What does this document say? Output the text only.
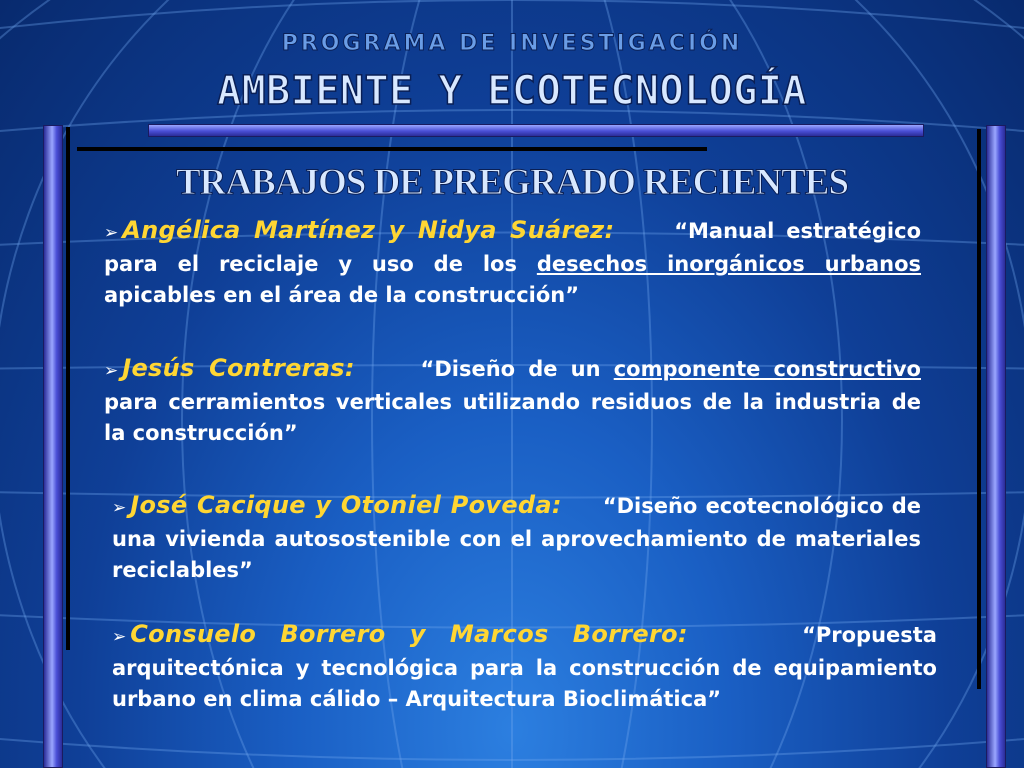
PROGRAMA DE INVESTIGACIÓN
AMBIENTE Y ECOTECNOLOGÍA
TRABAJOS DE PREGRADO RECIENTES
➢ Angélica Martínez y Nidya Suárez:	“Manual estratégico para el reciclaje y uso de los desechos inorgánicos urbanos apicables en el área de la construcción”
➢ Jesús Contreras:	“Diseño de un componente constructivo para cerramientos verticales utilizando residuos de la industria de la construcción”
➢ José Cacique y Otoniel Poveda: “Diseño ecotecnológico de una vivienda autosostenible con el aprovechamiento de materiales reciclables”
➢ Consuelo Borrero y Marcos Borrero:	“Propuesta arquitectónica y tecnológica para la construcción de equipamiento urbano en clima cálido – Arquitectura Bioclimática”
